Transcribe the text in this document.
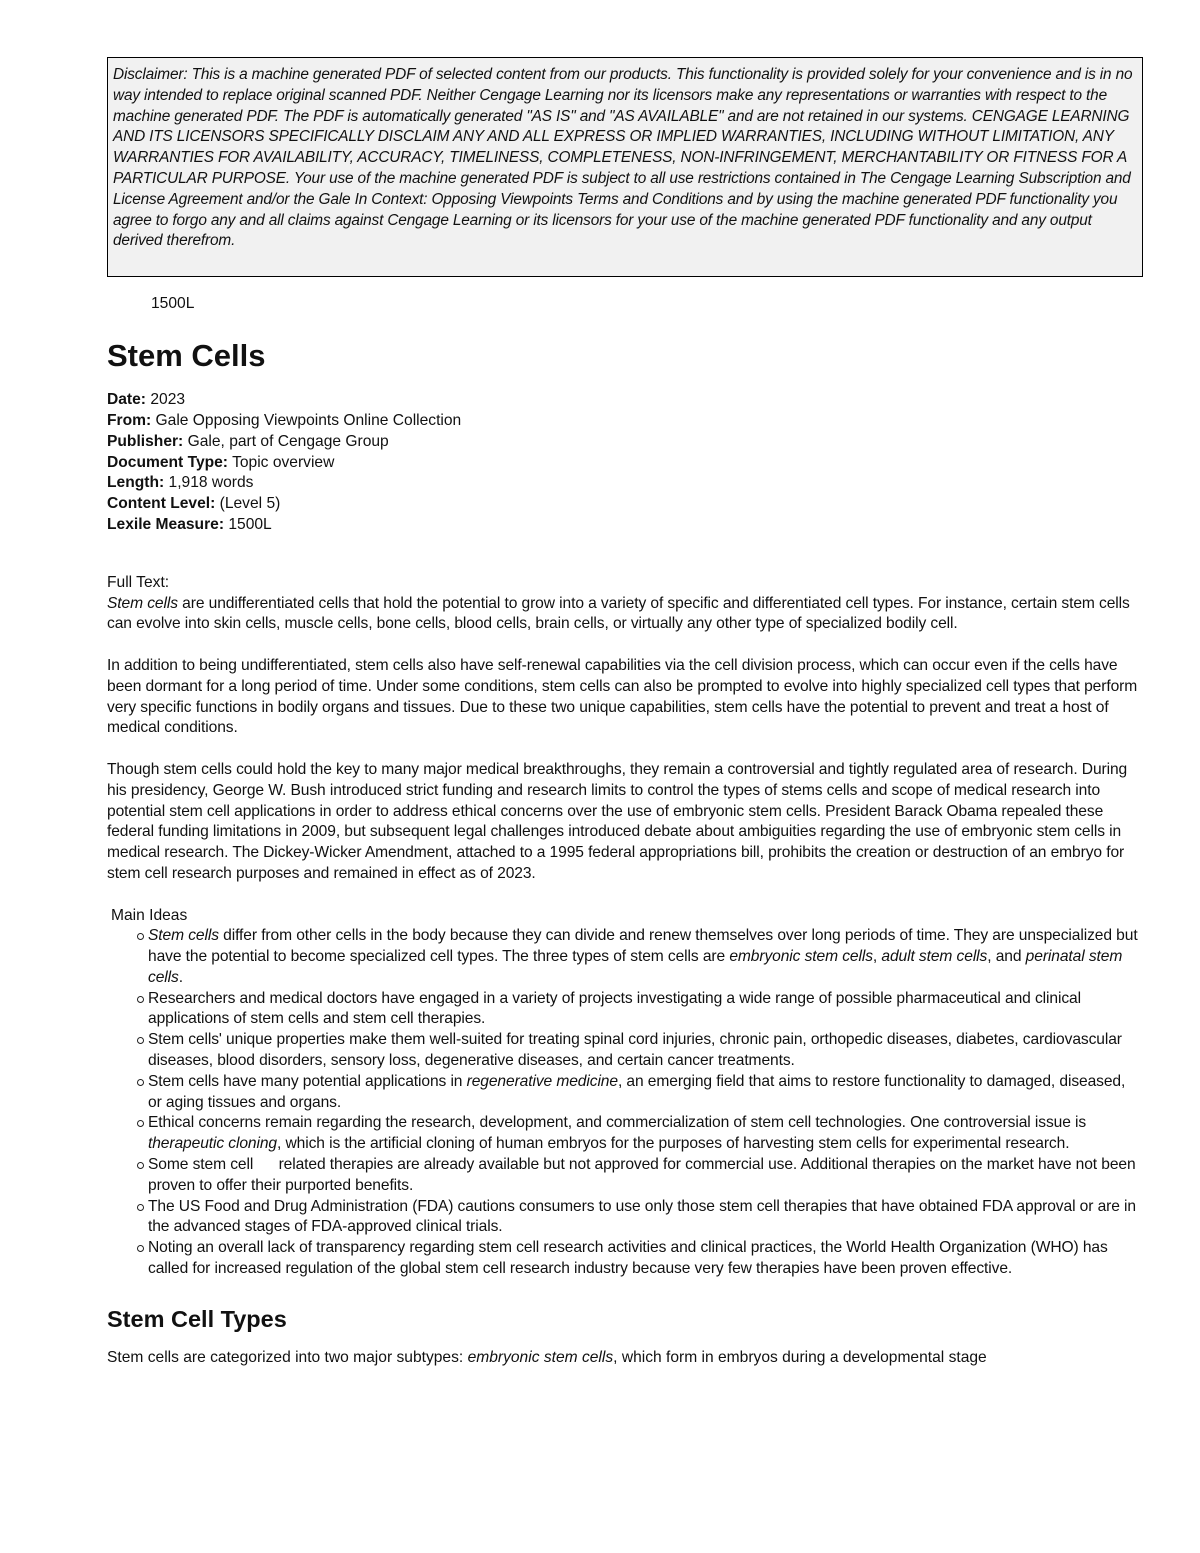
Disclaimer: This is a machine generated PDF of selected content from our products. This functionality is provided solely for your convenience and is in no way intended to replace original scanned PDF. Neither Cengage Learning nor its licensors make any representations or warranties with respect to the machine generated PDF. The PDF is automatically generated "AS IS" and "AS AVAILABLE" and are not retained in our systems. CENGAGE LEARNING AND ITS LICENSORS SPECIFICALLY DISCLAIM ANY AND ALL EXPRESS OR IMPLIED WARRANTIES, INCLUDING WITHOUT LIMITATION, ANY WARRANTIES FOR AVAILABILITY, ACCURACY, TIMELINESS, COMPLETENESS, NON-INFRINGEMENT, MERCHANTABILITY OR FITNESS FOR A PARTICULAR PURPOSE. Your use of the machine generated PDF is subject to all use restrictions contained in The Cengage Learning Subscription and License Agreement and/or the Gale In Context: Opposing Viewpoints Terms and Conditions and by using the machine generated PDF functionality you agree to forgo any and all claims against Cengage Learning or its licensors for your use of the machine generated PDF functionality and any output derived therefrom.
1500L
Stem Cells
Date: 2023
From: Gale Opposing Viewpoints Online Collection
Publisher: Gale, part of Cengage Group
Document Type: Topic overview
Length: 1,918 words
Content Level: (Level 5)
Lexile Measure: 1500L
Full Text:

Stem cells are undifferentiated cells that hold the potential to grow into a variety of specific and differentiated cell types. For instance, certain stem cells can evolve into skin cells, muscle cells, bone cells, blood cells, brain cells, or virtually any other type of specialized bodily cell.

In addition to being undifferentiated, stem cells also have self-renewal capabilities via the cell division process, which can occur even if the cells have been dormant for a long period of time. Under some conditions, stem cells can also be prompted to evolve into highly specialized cell types that perform very specific functions in bodily organs and tissues. Due to these two unique capabilities, stem cells have the potential to prevent and treat a host of medical conditions.

Though stem cells could hold the key to many major medical breakthroughs, they remain a controversial and tightly regulated area of research. During his presidency, George W. Bush introduced strict funding and research limits to control the types of stems cells and scope of medical research into potential stem cell applications in order to address ethical concerns over the use of embryonic stem cells. President Barack Obama repealed these federal funding limitations in 2009, but subsequent legal challenges introduced debate about ambiguities regarding the use of embryonic stem cells in medical research. The Dickey-Wicker Amendment, attached to a 1995 federal appropriations bill, prohibits the creation or destruction of an embryo for stem cell research purposes and remained in effect as of 2023.

Main Ideas
Stem cells differ from other cells in the body because they can divide and renew themselves over long periods of time. They are unspecialized but have the potential to become specialized cell types. The three types of stem cells are embryonic stem cells, adult stem cells, and perinatal stem cells.
Researchers and medical doctors have engaged in a variety of projects investigating a wide range of possible pharmaceutical and clinical applications of stem cells and stem cell therapies.
Stem cells' unique properties make them well-suited for treating spinal cord injuries, chronic pain, orthopedic diseases, diabetes, cardiovascular diseases, blood disorders, sensory loss, degenerative diseases, and certain cancer treatments.
Stem cells have many potential applications in regenerative medicine, an emerging field that aims to restore functionality to damaged, diseased, or aging tissues and organs.
Ethical concerns remain regarding the research, development, and commercialization of stem cell technologies. One controversial issue is therapeutic cloning, which is the artificial cloning of human embryos for the purposes of harvesting stem cells for experimental research.
Some stem cell      related therapies are already available but not approved for commercial use. Additional therapies on the market have not been proven to offer their purported benefits.
The US Food and Drug Administration (FDA) cautions consumers to use only those stem cell therapies that have obtained FDA approval or are in the advanced stages of FDA-approved clinical trials.
Noting an overall lack of transparency regarding stem cell research activities and clinical practices, the World Health Organization (WHO) has called for increased regulation of the global stem cell research industry because very few therapies have been proven effective.
Stem Cell Types

Stem cells are categorized into two major subtypes: embryonic stem cells, which form in embryos during a developmental stage
